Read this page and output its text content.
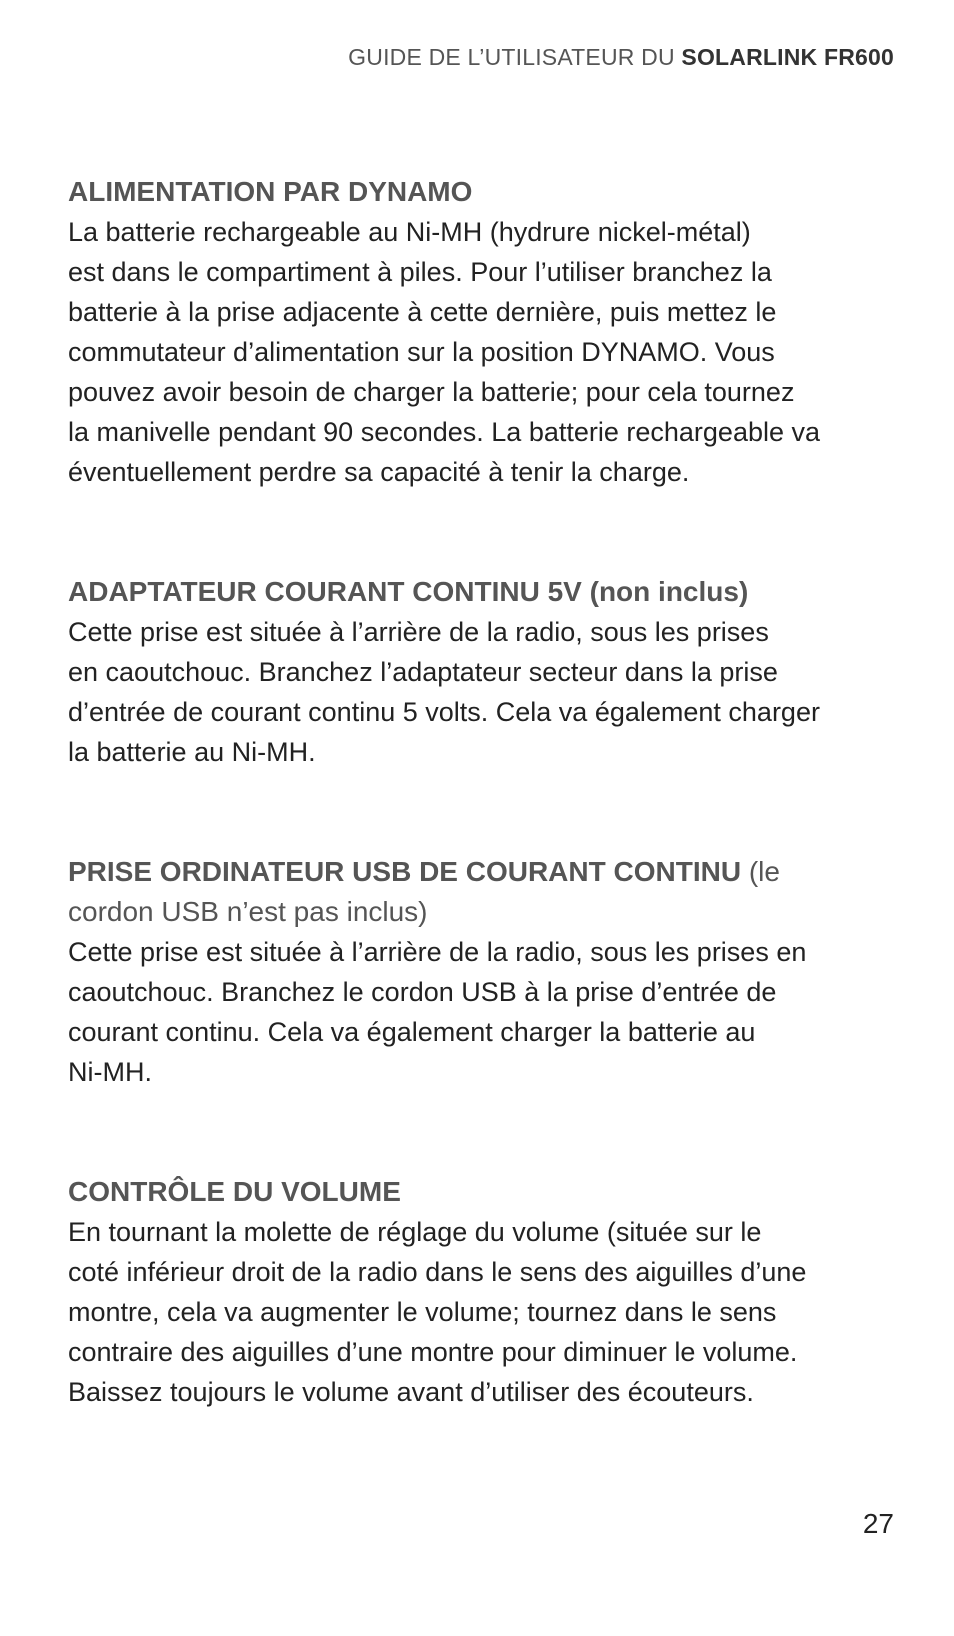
GUIDE DE L’UTILISATEUR DU SOLARLINK FR600
ALIMENTATION PAR DYNAMO

La batterie rechargeable au Ni-MH (hydrure nickel-métal)
est dans le compartiment à piles. Pour l’utiliser branchez la
batterie à la prise adjacente à cette dernière, puis mettez le
commutateur d’alimentation sur la position DYNAMO. Vous
pouvez avoir besoin de charger la batterie; pour cela tournez
la manivelle pendant 90 secondes. La batterie rechargeable va
éventuellement perdre sa capacité à tenir la charge.

ADAPTATEUR COURANT CONTINU 5V (non inclus)

Cette prise est située à l’arrière de la radio, sous les prises
en caoutchouc. Branchez l’adaptateur secteur dans la prise
d’entrée de courant continu 5 volts. Cela va également charger
la batterie au Ni-MH.

PRISE ORDINATEUR USB DE COURANT CONTINU (le
cordon USB n’est pas inclus)

Cette prise est située à l’arrière de la radio, sous les prises en
caoutchouc. Branchez le cordon USB à la prise d’entrée de
courant continu. Cela va également charger la batterie au
Ni-MH.

CONTRÔLE DU VOLUME

En tournant la molette de réglage du volume (située sur le
coté inférieur droit de la radio dans le sens des aiguilles d’une
montre, cela va augmenter le volume; tournez dans le sens
contraire des aiguilles d’une montre pour diminuer le volume.
Baissez toujours le volume avant d’utiliser des écouteurs.

27
